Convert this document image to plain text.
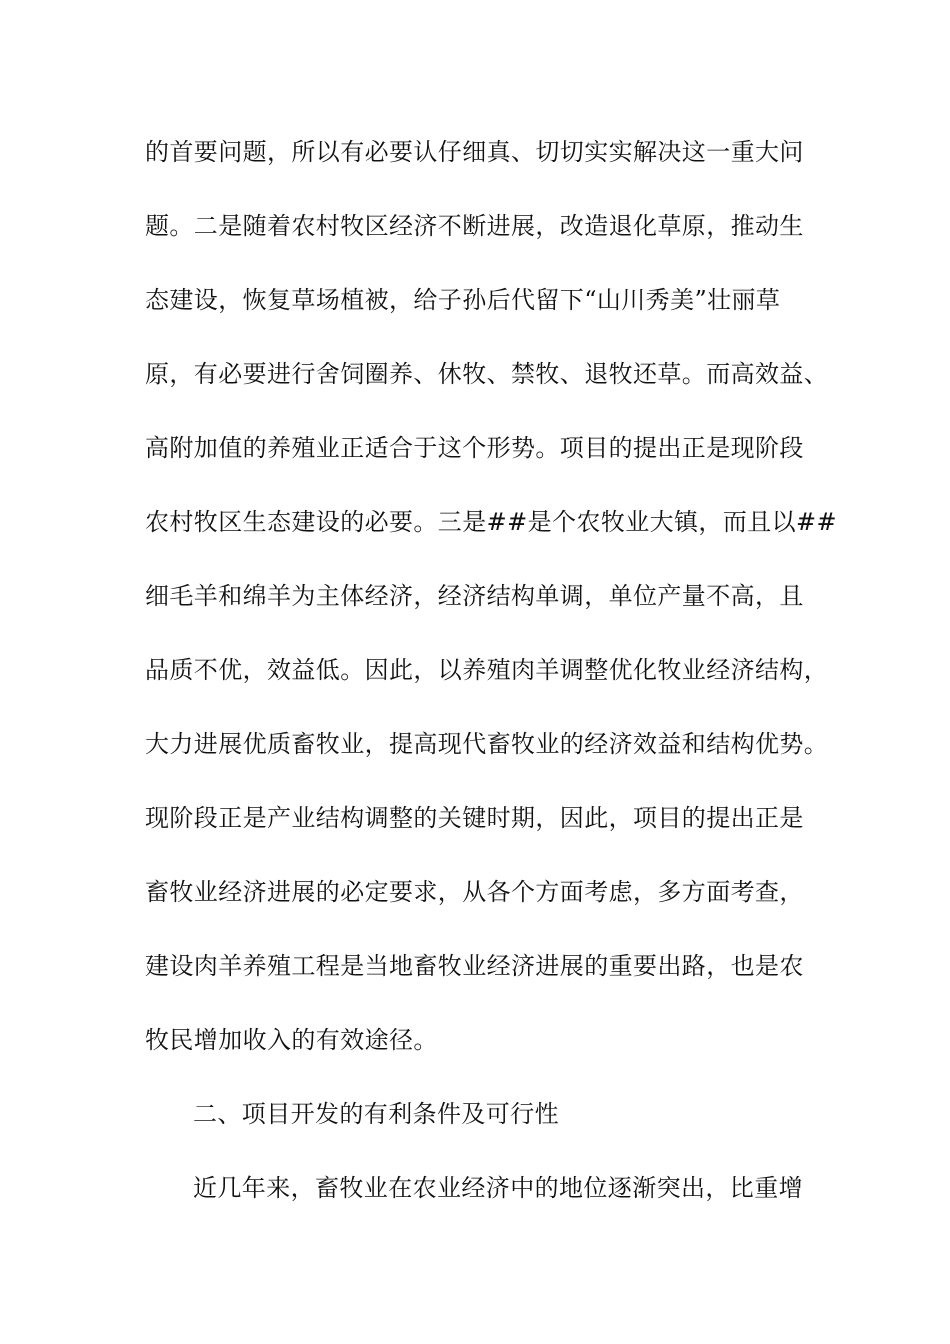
的首要问题，所以有必要认仔细真、切切实实解决这一重大问
题。二是随着农村牧区经济不断进展，改造退化草原，推动生
态建设，恢复草场植被，给子孙后代留下“山川秀美”壮丽草
原，有必要进行舍饲圈养、休牧、禁牧、退牧还草。而高效益、
高附加值的养殖业正适合于这个形势。项目的提出正是现阶段
农村牧区生态建设的必要。三是##是个农牧业大镇，而且以##
细毛羊和绵羊为主体经济，经济结构单调，单位产量不高，且
品质不优，效益低。因此，以养殖肉羊调整优化牧业经济结构，
大力进展优质畜牧业，提高现代畜牧业的经济效益和结构优势。
现阶段正是产业结构调整的关键时期，因此，项目的提出正是
畜牧业经济进展的必定要求，从各个方面考虑，多方面考查，
建设肉羊养殖工程是当地畜牧业经济进展的重要出路，也是农
牧民增加收入的有效途径。
二、项目开发的有利条件及可行性
近几年来，畜牧业在农业经济中的地位逐渐突出，比重增
